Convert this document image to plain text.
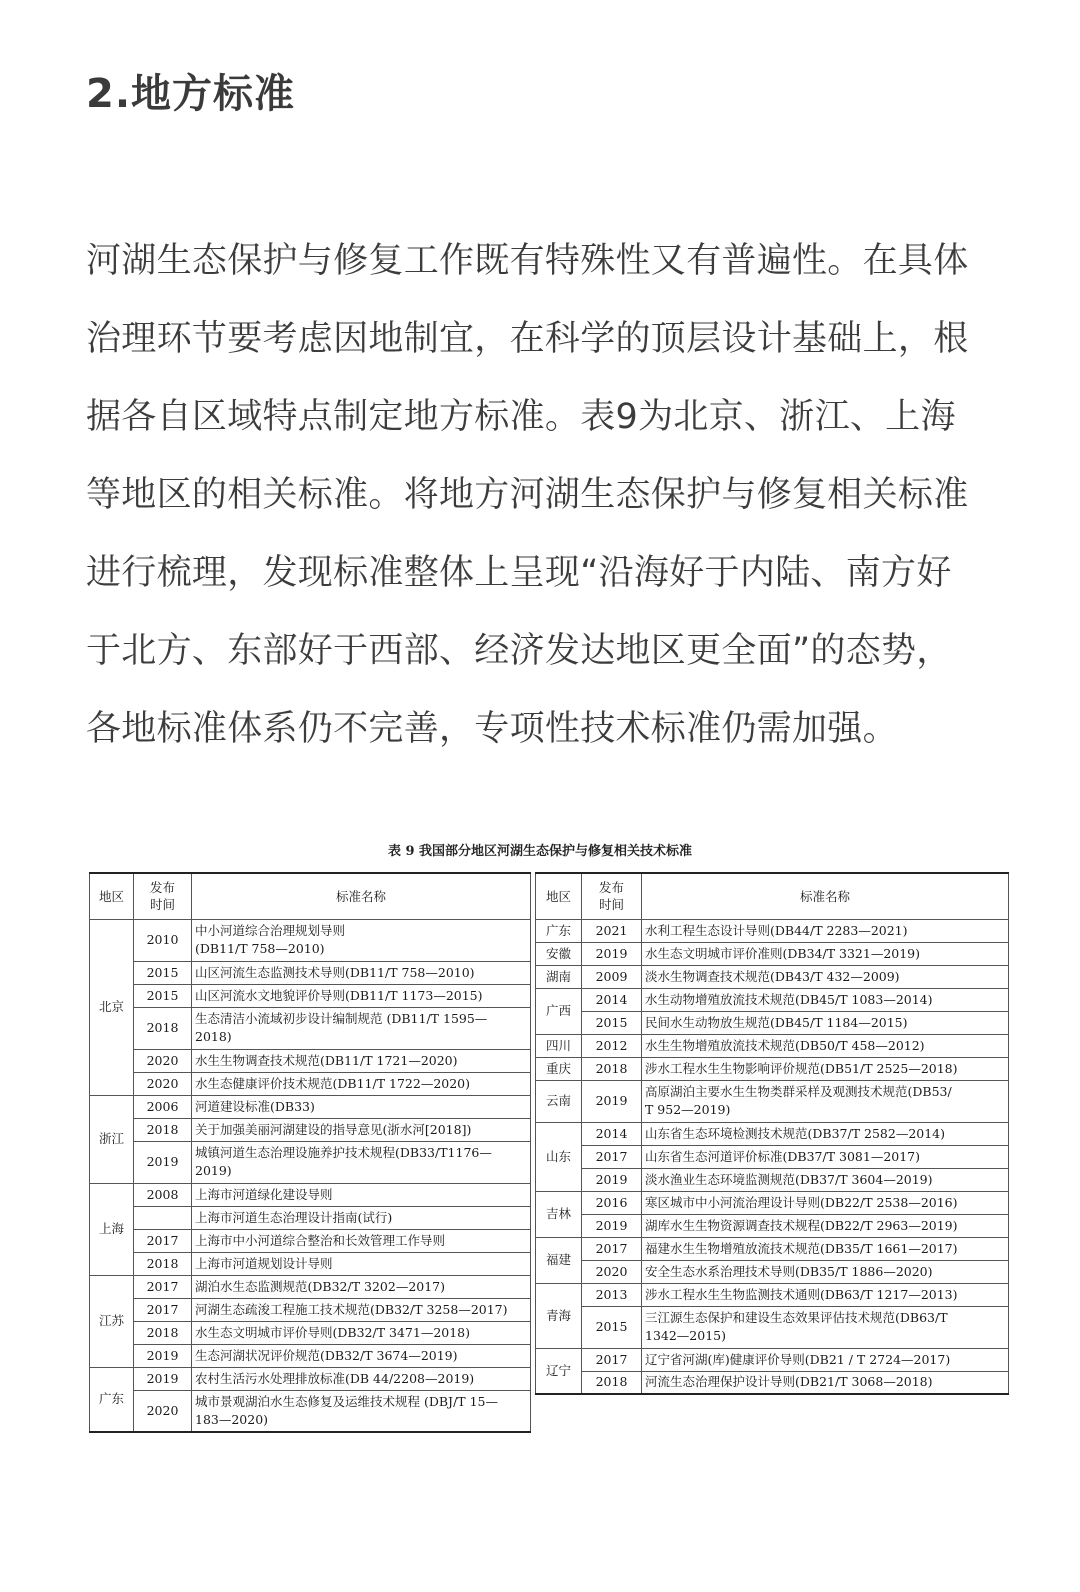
2.地方标准
河湖生态保护与修复工作既有特殊性又有普遍性。在具体
治理环节要考虑因地制宜，在科学的顶层设计基础上，根
据各自区域特点制定地方标准。表9为北京、浙江、上海
等地区的相关标准。将地方河湖生态保护与修复相关标准
进行梳理，发现标准整体上呈现“沿海好于内陆、南方好
于北方、东部好于西部、经济发达地区更全面”的态势，
各地标准体系仍不完善，专项性技术标准仍需加强。
表 9 我国部分地区河湖生态保护与修复相关技术标准
地区	发布
时间	标准名称
北京	2010	中小河道综合治理规划导则
(DB11/T 758—2010)
	2015	山区河流生态监测技术导则(DB11/T 758—2010)
	2015	山区河流水文地貌评价导则(DB11/T 1173—2015)
	2018	生态清洁小流域初步设计编制规范 (DB11/T 1595—
2018)
	2020	水生生物调查技术规范(DB11/T 1721—2020)
	2020	水生态健康评价技术规范(DB11/T 1722—2020)
浙江	2006	河道建设标准(DB33)
	2018	关于加强美丽河湖建设的指导意见(浙水河[2018])
	2019	城镇河道生态治理设施养护技术规程(DB33/T1176—
2019)
上海	2008	上海市河道绿化建设导则
		上海市河道生态治理设计指南(试行)
	2017	上海市中小河道综合整治和长效管理工作导则
	2018	上海市河道规划设计导则
江苏	2017	湖泊水生态监测规范(DB32/T 3202—2017)
	2017	河湖生态疏浚工程施工技术规范(DB32/T 3258—2017)
	2018	水生态文明城市评价导则(DB32/T 3471—2018)
	2019	生态河湖状况评价规范(DB32/T 3674—2019)
广东	2019	农村生活污水处理排放标准(DB 44/2208—2019)
	2020	城市景观湖泊水生态修复及运维技术规程 (DBJ/T 15—
183—2020)
地区	发布
时间	标准名称
广东	2021	水利工程生态设计导则(DB44/T 2283—2021)
安徽	2019	水生态文明城市评价准则(DB34/T 3321—2019)
湖南	2009	淡水生物调查技术规范(DB43/T 432—2009)
广西	2014	水生动物增殖放流技术规范(DB45/T 1083—2014)
	2015	民间水生动物放生规范(DB45/T 1184—2015)
四川	2012	水生生物增殖放流技术规范(DB50/T 458—2012)
重庆	2018	涉水工程水生生物影响评价规范(DB51/T 2525—2018)
云南	2019	高原湖泊主要水生生物类群采样及观测技术规范(DB53/
T 952—2019)
山东	2014	山东省生态环境检测技术规范(DB37/T 2582—2014)
	2017	山东省生态河道评价标准(DB37/T 3081—2017)
	2019	淡水渔业生态环境监测规范(DB37/T 3604—2019)
吉林	2016	寒区城市中小河流治理设计导则(DB22/T 2538—2016)
	2019	湖库水生生物资源调查技术规程(DB22/T 2963—2019)
福建	2017	福建水生生物增殖放流技术规范(DB35/T 1661—2017)
	2020	安全生态水系治理技术导则(DB35/T 1886—2020)
青海	2013	涉水工程水生生物监测技术通则(DB63/T 1217—2013)
	2015	三江源生态保护和建设生态效果评估技术规范(DB63/T
1342—2015)
辽宁	2017	辽宁省河湖(库)健康评价导则(DB21 / T 2724—2017)
	2018	河流生态治理保护设计导则(DB21/T 3068—2018)
